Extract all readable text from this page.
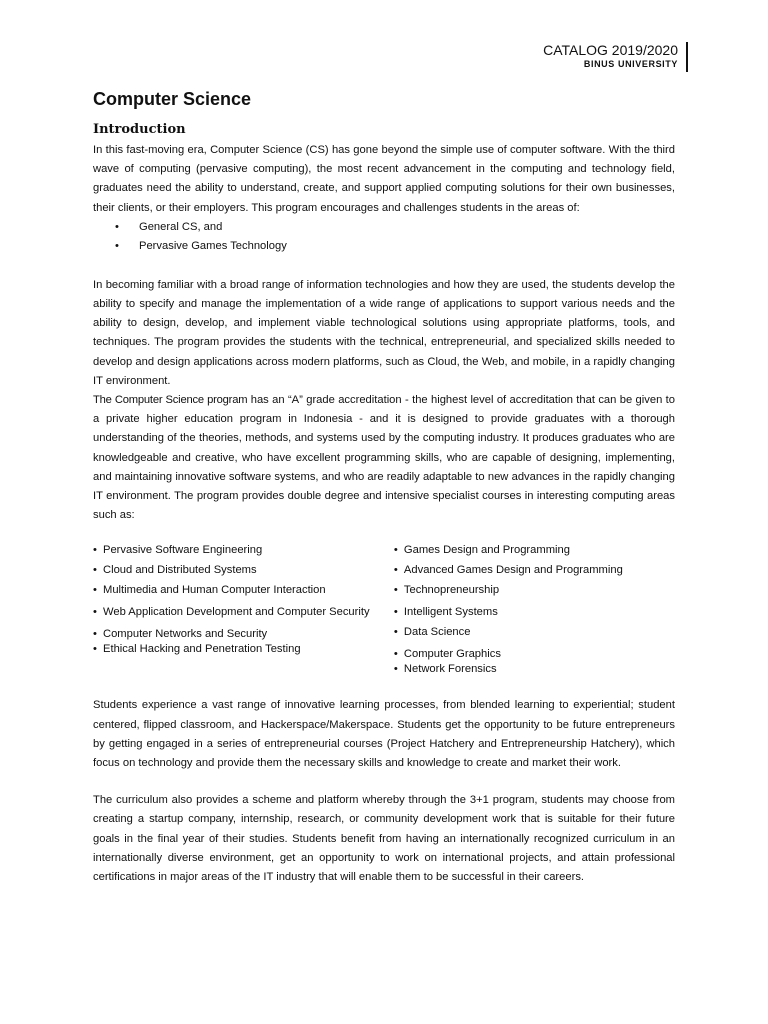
CATALOG 2019/2020
BINUS UNIVERSITY
Computer Science
Introduction

In this fast-moving era, Computer Science (CS) has gone beyond the simple use of computer software. With the third wave of computing (pervasive computing), the most recent advancement in the computing and technology field, graduates need the ability to understand, create, and support applied computing solutions for their own businesses, their clients, or their employers. This program encourages and challenges students in the areas of:

• General CS, and
• Pervasive Games Technology

In becoming familiar with a broad range of information technologies and how they are used, the students develop the ability to specify and manage the implementation of a wide range of applications to support various needs and the ability to design, develop, and implement viable technological solutions using appropriate platforms, tools, and techniques. The program provides the students with the technical, entrepreneurial, and specialized skills needed to develop and design applications across modern platforms, such as Cloud, the Web, and mobile, in a rapidly changing IT environment.

The Computer Science program has an “A” grade accreditation - the highest level of accreditation that can be given to a private higher education program in Indonesia - and it is designed to provide graduates with a thorough understanding of the theories, methods, and systems used by the computing industry. It produces graduates who are knowledgeable and creative, who have excellent programming skills, who are capable of designing, implementing, and maintaining innovative software systems, and who are readily adaptable to new advances in the rapidly changing IT environment. The program provides double degree and intensive specialist courses in interesting computing areas such as:

• Pervasive Software Engineering
• Cloud and Distributed Systems
• Multimedia and Human Computer Interaction
• Web Application Development and Computer Security
• Computer Networks and Security
• Ethical Hacking and Penetration Testing
• Games Design and Programming
• Advanced Games Design and Programming
• Technopreneurship
• Intelligent Systems
• Data Science
• Computer Graphics
• Network Forensics

Students experience a vast range of innovative learning processes, from blended learning to experiential; student centered, flipped classroom, and Hackerspace/Makerspace. Students get the opportunity to be future entrepreneurs by getting engaged in a series of entrepreneurial courses (Project Hatchery and Entrepreneurship Hatchery), which focus on technology and provide them the necessary skills and knowledge to create and market their work.

The curriculum also provides a scheme and platform whereby through the 3+1 program, students may choose from creating a startup company, internship, research, or community development work that is suitable for their future goals in the final year of their studies. Students benefit from having an internationally recognized curriculum in an internationally diverse environment, get an opportunity to work on international projects, and attain professional certifications in major areas of the IT industry that will enable them to be successful in their careers.
